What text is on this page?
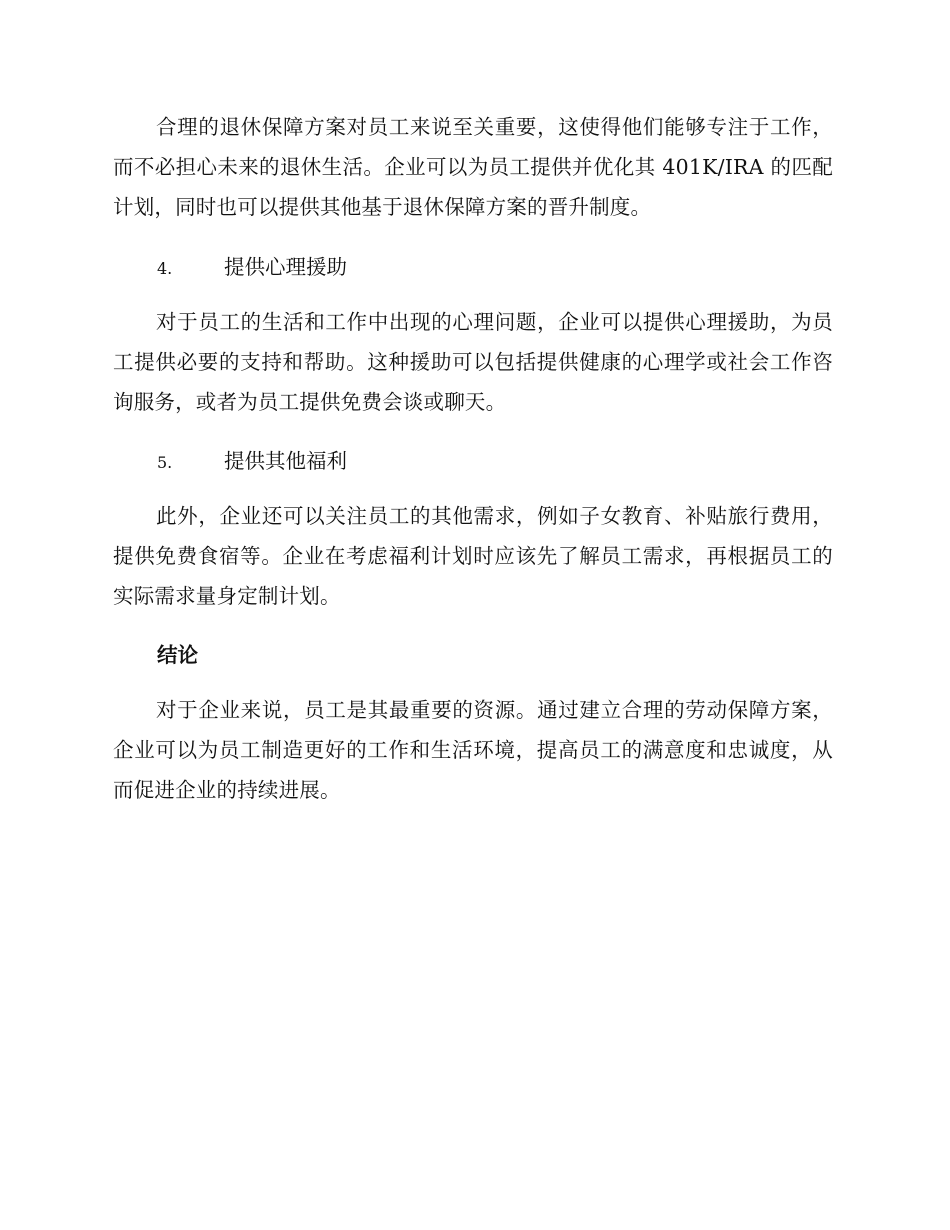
合理的退休保障方案对员工来说至关重要，这使得他们能够专注于工作，而不必担心未来的退休生活。企业可以为员工提供并优化其 401K/IRA 的匹配计划，同时也可以提供其他基于退休保障方案的晋升制度。

4.	提供心理援助

对于员工的生活和工作中出现的心理问题，企业可以提供心理援助，为员工提供必要的支持和帮助。这种援助可以包括提供健康的心理学或社会工作咨询服务，或者为员工提供免费会谈或聊天。

5.	提供其他福利

此外，企业还可以关注员工的其他需求，例如子女教育、补贴旅行费用，提供免费食宿等。企业在考虑福利计划时应该先了解员工需求，再根据员工的实际需求量身定制计划。

结论

对于企业来说，员工是其最重要的资源。通过建立合理的劳动保障方案，企业可以为员工制造更好的工作和生活环境，提高员工的满意度和忠诚度，从而促进企业的持续进展。
